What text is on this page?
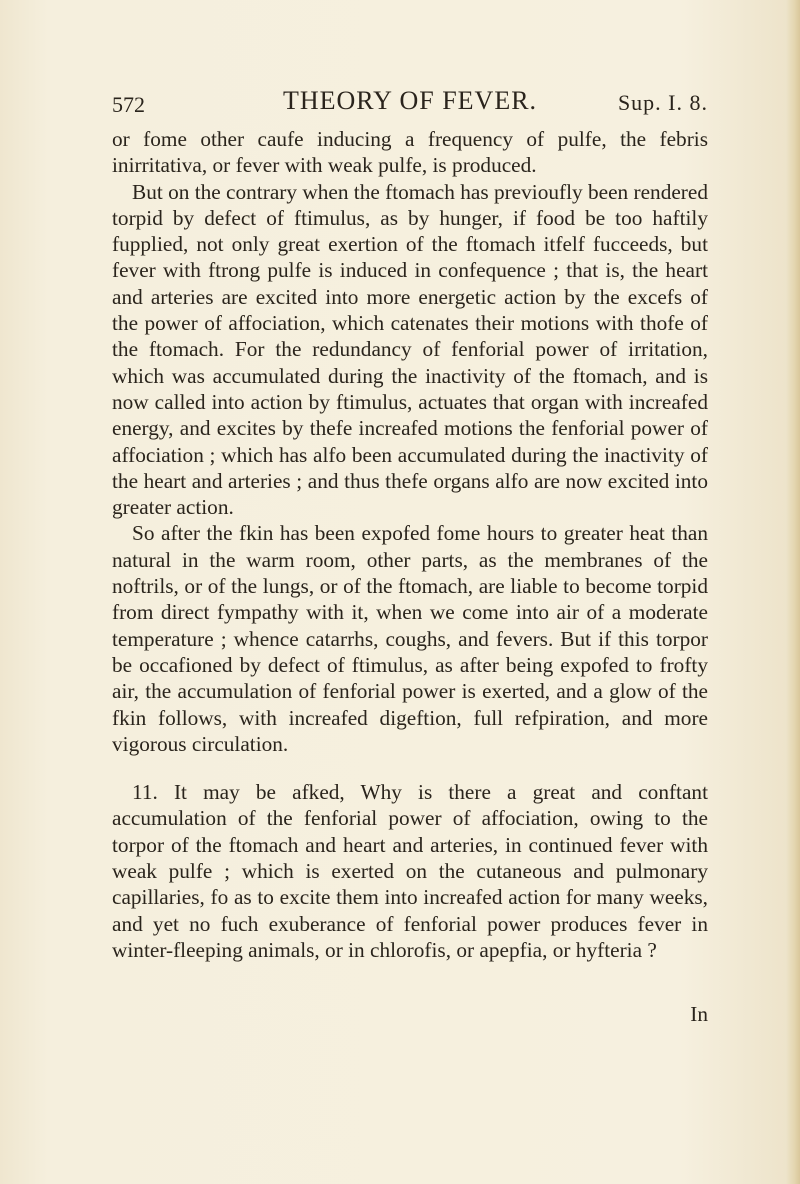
572	THEORY OF FEVER.	Sup. I. 8.

or fome other caufe inducing a frequency of pulfe, the febris inirritativa, or fever with weak pulfe, is produced.

But on the contrary when the ftomach has previoufly been rendered torpid by defect of ftimulus, as by hunger, if food be too haftily fupplied, not only great exertion of the ftomach itfelf fucceeds, but fever with ftrong pulfe is induced in confequence ; that is, the heart and arteries are excited into more energetic action by the excefs of the power of affociation, which catenates their motions with thofe of the ftomach. For the redundancy of fenforial power of irritation, which was accumulated during the inactivity of the ftomach, and is now called into action by ftimulus, actuates that organ with increafed energy, and excites by thefe increafed motions the fenforial power of affociation ; which has alfo been accumulated during the inactivity of the heart and arteries ; and thus thefe organs alfo are now excited into greater action.

So after the fkin has been expofed fome hours to greater heat than natural in the warm room, other parts, as the membranes of the noftrils, or of the lungs, or of the ftomach, are liable to become torpid from direct fympathy with it, when we come into air of a moderate temperature ; whence catarrhs, coughs, and fevers. But if this torpor be occafioned by defect of ftimulus, as after being expofed to frofty air, the accumulation of fenforial power is exerted, and a glow of the fkin follows, with increafed digeftion, full refpiration, and more vigorous circulation.

11. It may be afked, Why is there a great and conftant accumulation of the fenforial power of affociation, owing to the torpor of the ftomach and heart and arteries, in continued fever with weak pulfe ; which is exerted on the cutaneous and pulmonary capillaries, fo as to excite them into increafed action for many weeks, and yet no fuch exuberance of fenforial power produces fever in winter-fleeping animals, or in chlorofis, or apepfia, or hyfteria ?

In
